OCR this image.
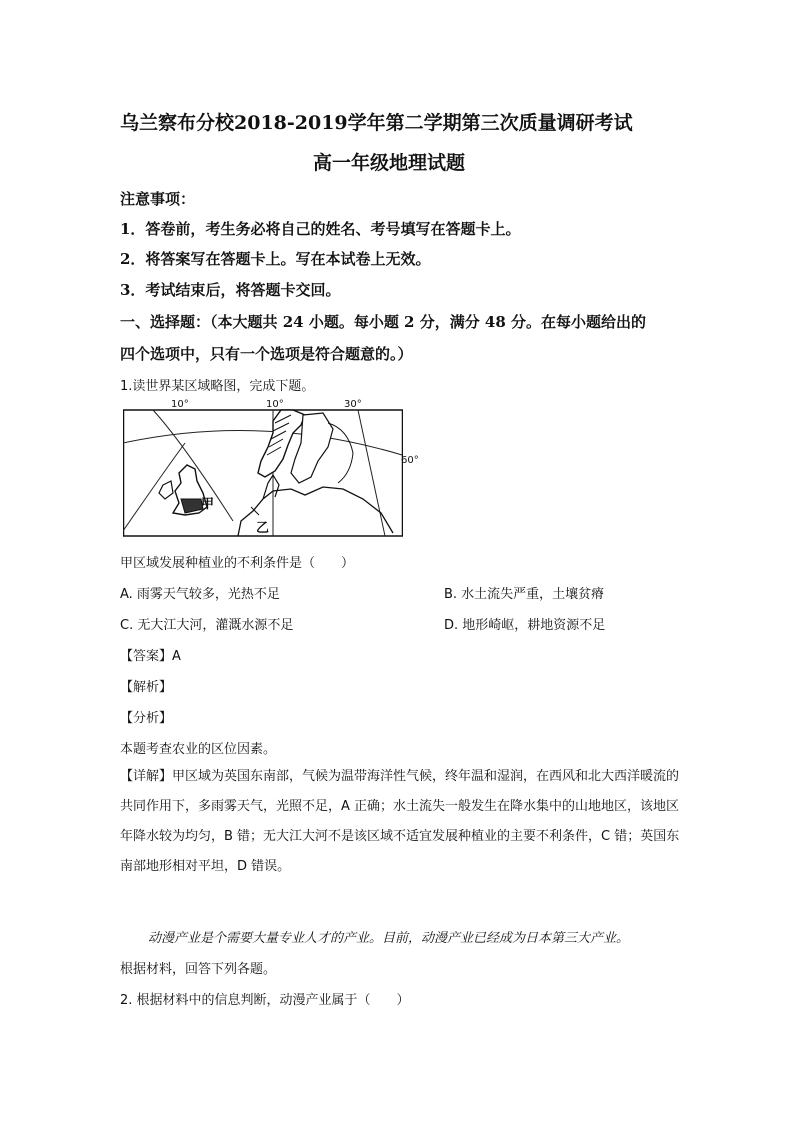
乌兰察布分校2018-2019学年第二学期第三次质量调研考试
高一年级地理试题
注意事项：
1．答卷前，考生务必将自己的姓名、考号填写在答题卡上。
2．将答案写在答题卡上。写在本试卷上无效。
3．考试结束后，将答题卡交回。
一、选择题：（本大题共 24 小题。每小题 2 分，满分 48 分。在每小题给出的
四个选项中，只有一个选项是符合题意的。）
1.读世界某区域略图，完成下题。
10°	10°	30°
60°
甲
乙
甲区域发展种植业的不利条件是（　　）
A. 雨雾天气较多，光热不足	B. 水土流失严重，土壤贫瘠
C. 无大江大河，灌溉水源不足	D. 地形崎岖，耕地资源不足
【答案】A
【解析】
【分析】
本题考查农业的区位因素。
【详解】甲区域为英国东南部，气候为温带海洋性气候，终年温和湿润，在西风和北大西洋暖流的共同作用下，多雨雾天气，光照不足，A 正确；水土流失一般发生在降水集中的山地地区，该地区年降水较为均匀，B 错；无大江大河不是该区域不适宜发展种植业的主要不利条件，C 错；英国东南部地形相对平坦，D 错误。
动漫产业是个需要大量专业人才的产业。目前，动漫产业已经成为日本第三大产业。
根据材料，回答下列各题。
2. 根据材料中的信息判断，动漫产业属于（　　）
